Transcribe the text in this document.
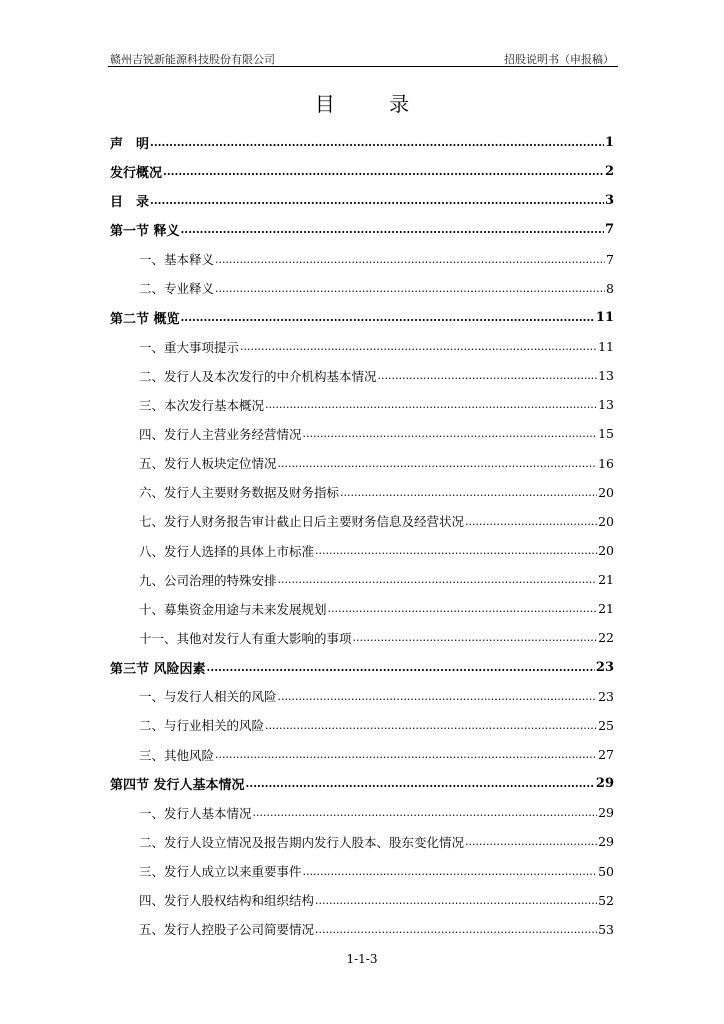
赣州吉锐新能源科技股份有限公司	招股说明书（申报稿）
目 录
声　明 .....	1
发行概况 .....	2
目　录 .....	3
第一节 释义 .....	7
一、基本释义 .....	7
二、专业释义 .....	8
第二节 概览 .....	11
一、重大事项提示 .....	11
二、发行人及本次发行的中介机构基本情况 .....	13
三、本次发行基本概况 .....	13
四、发行人主营业务经营情况 .....	15
五、发行人板块定位情况 .....	16
六、发行人主要财务数据及财务指标 .....	20
七、发行人财务报告审计截止日后主要财务信息及经营状况 .....	20
八、发行人选择的具体上市标准 .....	20
九、公司治理的特殊安排 .....	21
十、募集资金用途与未来发展规划 .....	21
十一、其他对发行人有重大影响的事项 .....	22
第三节 风险因素 .....	23
一、与发行人相关的风险 .....	23
二、与行业相关的风险 .....	25
三、其他风险 .....	27
第四节 发行人基本情况 .....	29
一、发行人基本情况 .....	29
二、发行人设立情况及报告期内发行人股本、股东变化情况 .....	29
三、发行人成立以来重要事件 .....	50
四、发行人股权结构和组织结构 .....	52
五、发行人控股子公司简要情况 .....	53
1-1-3
